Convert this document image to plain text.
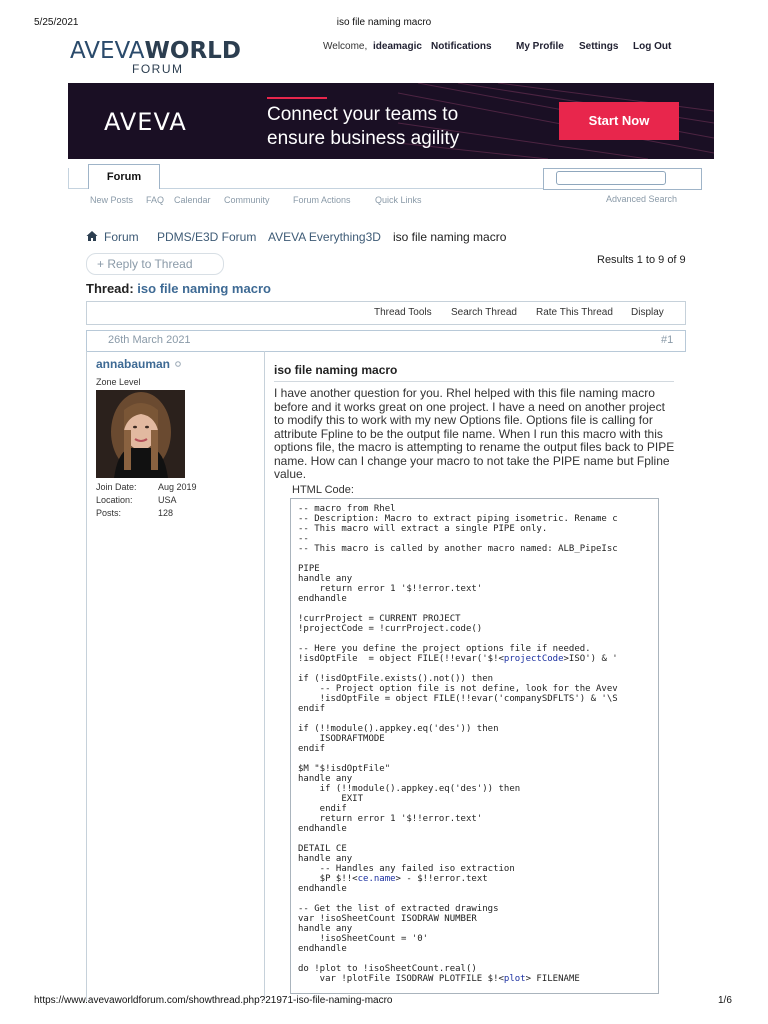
5/25/2021	iso file naming macro
AVEVAWORLD
FORUM
Welcome, ideamagic Notifications My Profile Settings Log Out
AVEVA	Connect your teams to
ensure business agility
Start Now
Forum
New Posts FAQ Calendar Community	Forum Actions	Quick Links	Advanced Search
Forum PDMS/E3D Forum AVEVA Everything3D iso file naming macro
+ Reply to Thread	Results 1 to 9 of 9
Thread: iso file naming macro
Thread Tools Search Thread Rate This Thread Display
26th March 2021	#1
annabauman
Zone Level
Join Date: Aug 2019
Location:	USA
Posts:	128
iso file naming macro
I have another question for you. Rhel helped with this file naming macro before and it works great on one project. I have a need on another project to modify this to work with my new Options file. Options file is calling for attribute Fpline to be the output file name. When I run this macro with this options file, the macro is attempting to rename the output files back to PIPE name. How can I change your macro to not take the PIPE name but Fpline value.
HTML Code:
-- macro from Rhel
-- Description: Macro to extract piping isometric. Rename c
-- This macro will extract a single PIPE only.
--
-- This macro is called by another macro named: ALB_PipeIsc

PIPE
handle any
return error 1 '$!!error.text'
endhandle

!currProject = CURRENT PROJECT
!projectCode = !currProject.code()

-- Here you define the project options file if needed.
!isdOptFile  = object FILE(!!evar('$!<projectCode>ISO') & '

if (!isdOptFile.exists().not()) then
-- Project option file is not define, look for the Avev
!isdOptFile = object FILE(!!evar('companySDFLTS') & '\S
endif

if (!!module().appkey.eq('des')) then
ISODRAFTMODE
endif

$M "$!isdOptFile"
handle any
if (!!module().appkey.eq('des')) then
EXIT
endif
return error 1 '$!!error.text'
endhandle

DETAIL CE
handle any
-- Handles any failed iso extraction
$P $!!<ce.name> - $!!error.text
endhandle

-- Get the list of extracted drawings
var !isoSheetCount ISODRAW NUMBER
handle any
!isoSheetCount = '0'
endhandle

do !plot to !isoSheetCount.real()
var !plotFile ISODRAW PLOTFILE $!<plot> FILENAME
https://www.avevaworldforum.com/showthread.php?21971-iso-file-naming-macro	1/6
